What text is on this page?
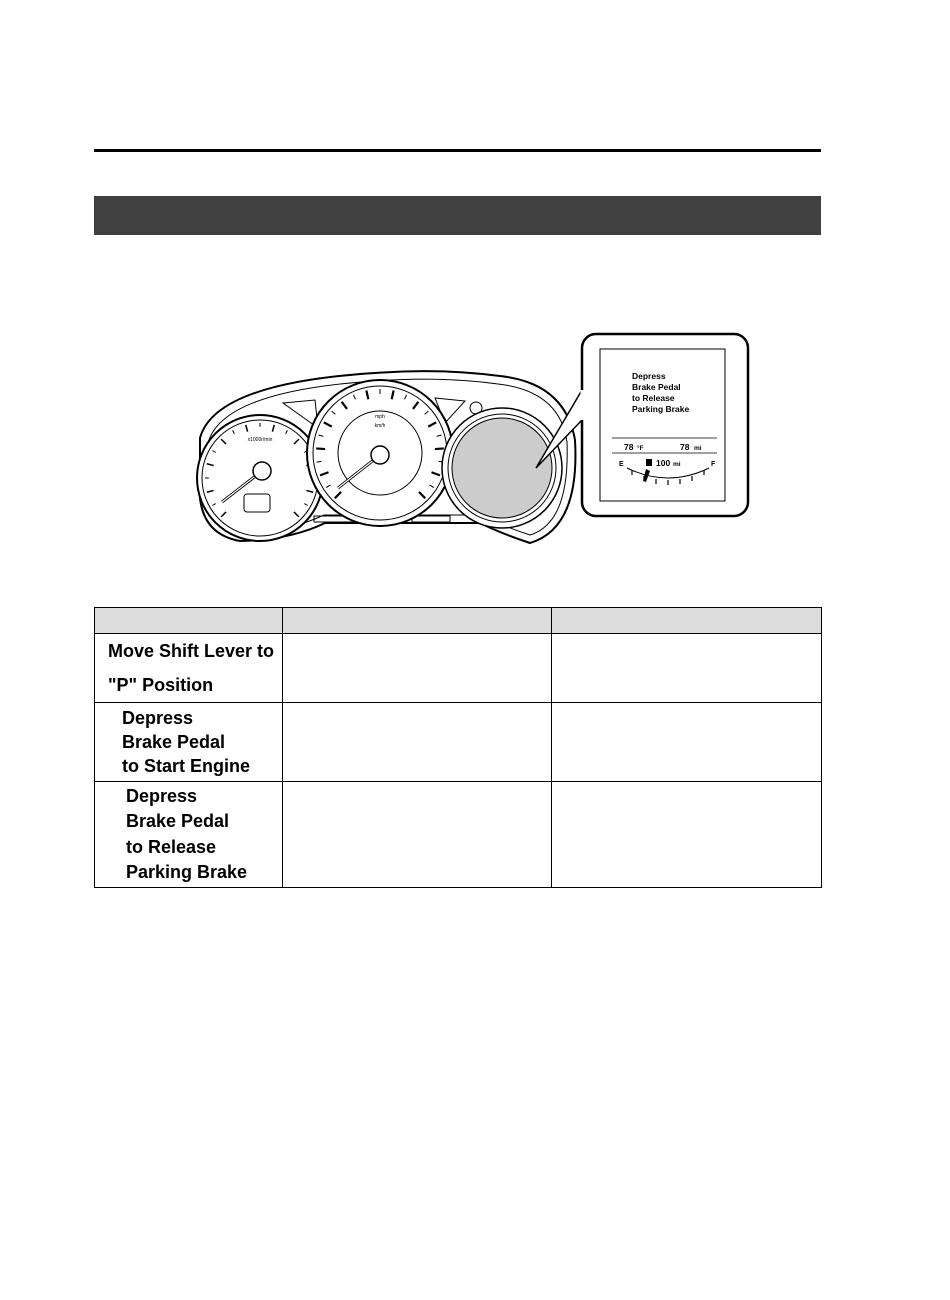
x1000r/min
mph
km/h
Depress
Brake Pedal
to Release
Parking Brake
78 °F	78 mi
E	F
100 mi

Move Shift Lever to
"P" Position		

Depress
Brake Pedal
to Start Engine		

Depress
Brake Pedal
to Release
Parking Brake		
